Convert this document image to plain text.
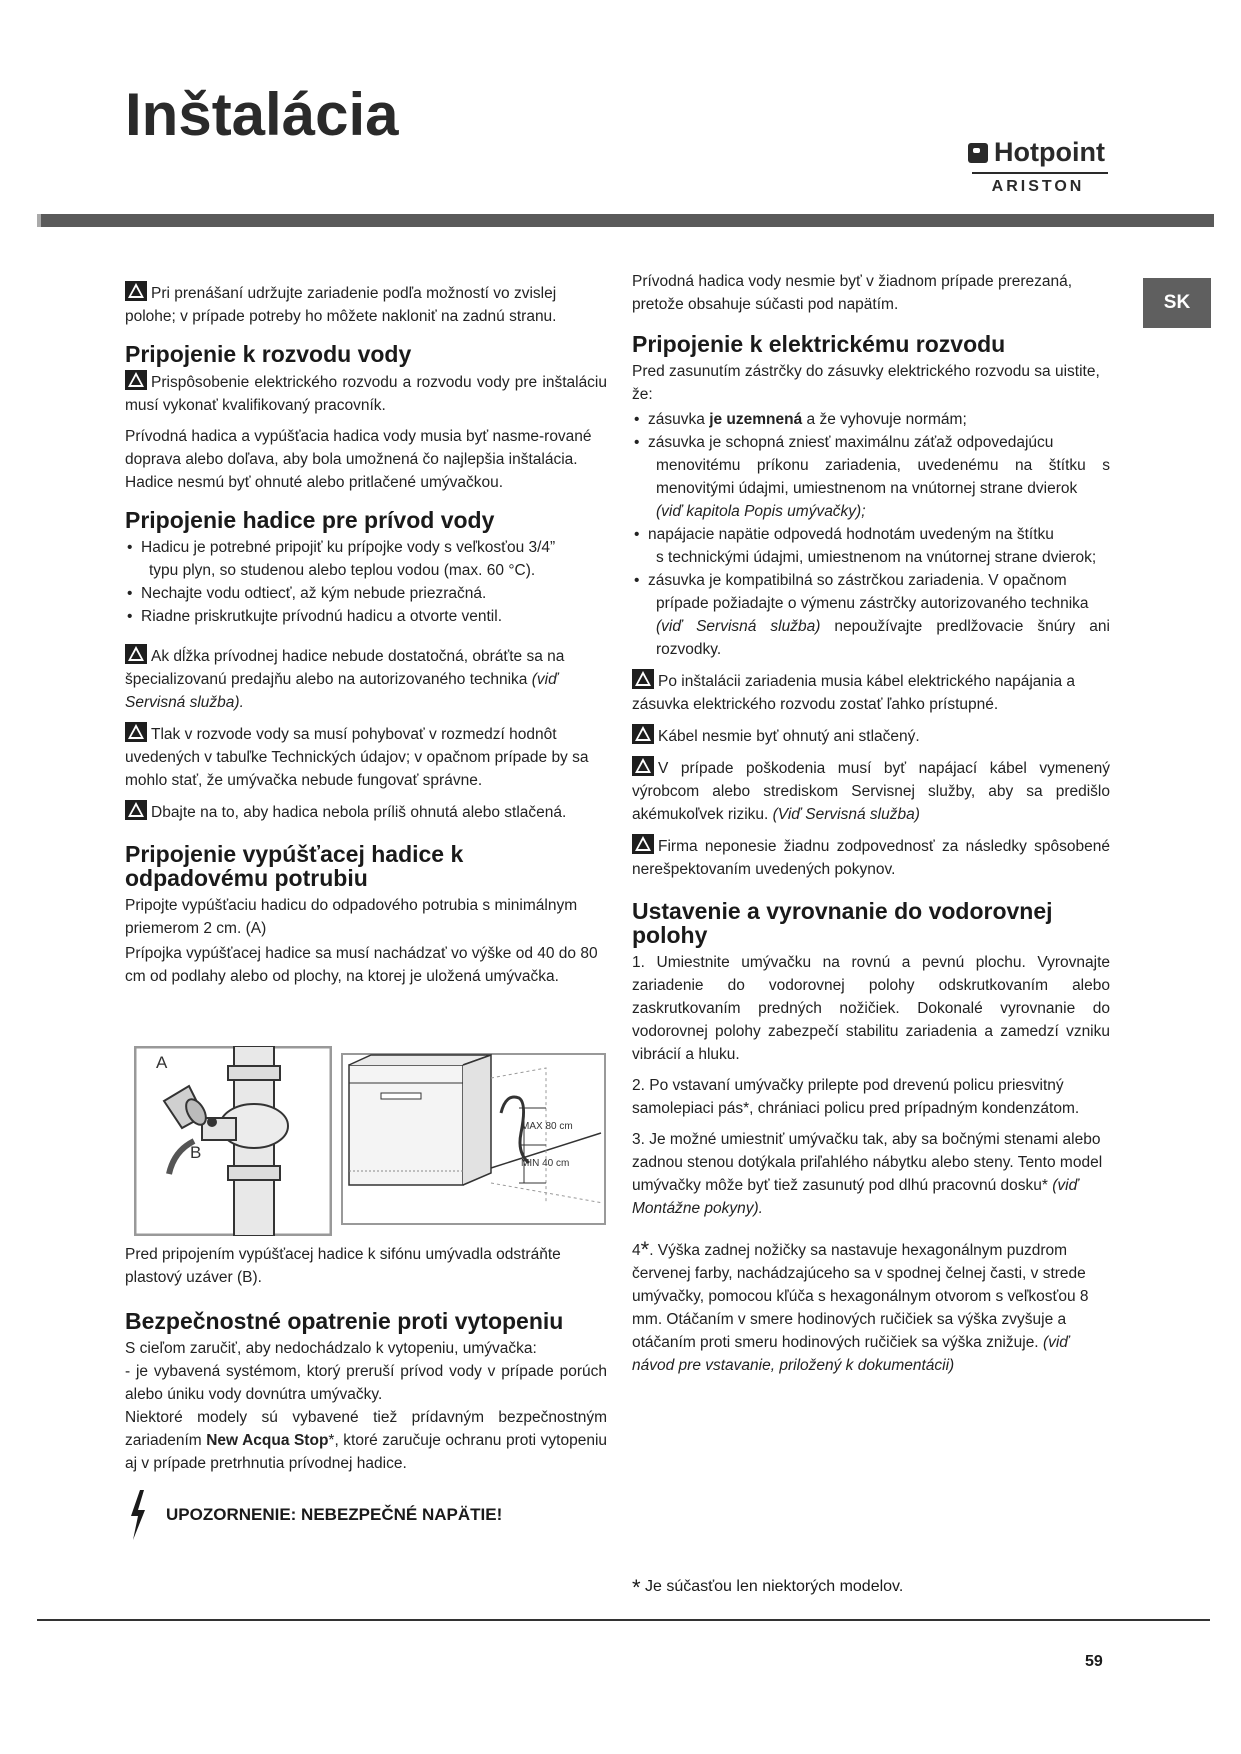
Inštalácia
Hotpoint
ARISTON
SK

Pri prenášaní udržujte zariadenie podľa možností vo zvislej polohe; v prípade potreby ho môžete nakloniť na zadnú stranu.

Pripojenie k rozvodu vody

Prispôsobenie elektrického rozvodu a rozvodu vody pre inštaláciu musí vykonať kvalifikovaný pracovník.

Prívodná hadica a vypúšťacia hadica vody musia byť nasme-rované doprava alebo doľava, aby bola umožnená čo najlepšia inštalácia.

Hadice nesmú byť ohnuté alebo pritlačené umývačkou.

Pripojenie hadice pre prívod vody
• Hadicu je potrebné pripojiť ku prípojke vody s veľkosťou 3/4”
typu plyn, so studenou alebo teplou vodou (max. 60 °C).
• Nechajte vodu odtiecť, až kým nebude priezračná.
• Riadne priskrutkujte prívodnú hadicu a otvorte ventil.

Ak dĺžka prívodnej hadice nebude dostatočná, obráťte sa na špecializovanú predajňu alebo na autorizovaného technika (viď Servisná služba).

Tlak v rozvode vody sa musí pohybovať v rozmedzí hodnôt uvedených v tabuľke Technických údajov; v opačnom prípade by sa mohlo stať, že umývačka nebude fungovať správne.

Dbajte na to, aby hadica nebola príliš ohnutá alebo stlačená.

Pripojenie vypúšťacej hadice k odpadovému potrubiu

Pripojte vypúšťaciu hadicu do odpadového potrubia s minimálnym priemerom 2 cm. (A)

Prípojka vypúšťacej hadice sa musí nachádzať vo výške od 40 do 80 cm od podlahy alebo od plochy, na ktorej je uložená umývačka.

A
B
MAX 80 cm
MIN 40 cm

Pred pripojením vypúšťacej hadice k sifónu umývadla odstráňte plastový uzáver (B).

Bezpečnostné opatrenie proti vytopeniu

S cieľom zaručiť, aby nedochádzalo k vytopeniu, umývačka:

- je vybavená systémom, ktorý preruší prívod vody v prípade porúch alebo úniku vody dovnútra umývačky.

Niektoré modely sú vybavené tiež prídavným bezpečnostným zariadením New Acqua Stop*, ktoré zaručuje ochranu proti vytopeniu aj v prípade pretrhnutia prívodnej hadice.

UPOZORNENIE: NEBEZPEČNÉ NAPÄTIE!

Prívodná hadica vody nesmie byť v žiadnom prípade prerezaná, pretože obsahuje súčasti pod napätím.

Pripojenie k elektrickému rozvodu

Pred zasunutím zástrčky do zásuvky elektrického rozvodu sa uistite, že:

• zásuvka je uzemnená a že vyhovuje normám;
• zásuvka je schopná zniesť maximálnu záťaž odpovedajúcu
menovitému príkonu zariadenia, uvedenému na štítku s menovitými údajmi, umiestnenom na vnútornej strane dvierok
(viď kapitola Popis umývačky);
• napájacie napätie odpovedá hodnotám uvedeným na štítku
s technickými údajmi, umiestnenom na vnútornej strane dvierok;
• zásuvka je kompatibilná so zástrčkou zariadenia. V opačnom
prípade požiadajte o výmenu zástrčky autorizovaného technika
(viď Servisná služba) nepoužívajte predlžovacie šnúry ani rozvodky.

Po inštalácii zariadenia musia kábel elektrického napájania a zásuvka elektrického rozvodu zostať ľahko prístupné.

Kábel nesmie byť ohnutý ani stlačený.

V prípade poškodenia musí byť napájací kábel vymenený výrobcom alebo strediskom Servisnej služby, aby sa predišlo akémukoľvek riziku. (Viď Servisná služba)

Firma neponesie žiadnu zodpovednosť za následky spôsobené nerešpektovaním uvedených pokynov.

Ustavenie a vyrovnanie do vodorovnej polohy

1. Umiestnite umývačku na rovnú a pevnú plochu. Vyrovnajte zariadenie do vodorovnej polohy odskrutkovaním alebo zaskrutkovaním predných nožičiek. Dokonalé vyrovnanie do vodorovnej polohy zabezpečí stabilitu zariadenia a zamedzí vzniku vibrácií a hluku.

2. Po vstavaní umývačky prilepte pod drevenú policu priesvitný samolepiaci pás*, chrániaci policu pred prípadným kondenzátom.

3. Je možné umiestniť umývačku tak, aby sa bočnými stenami alebo zadnou stenou dotýkala priľahlého nábytku alebo steny. Tento model umývačky môže byť tiež zasunutý pod dlhú pracovnú dosku* (viď Montážne pokyny).

4*. Výška zadnej nožičky sa nastavuje hexagonálnym puzdrom červenej farby, nachádzajúceho sa v spodnej čelnej časti, v strede umývačky, pomocou kľúča s hexagonálnym otvorom s veľkosťou 8 mm. Otáčaním v smere hodinových ručičiek sa výška zvyšuje a otáčaním proti smeru hodinových ručičiek sa výška znižuje. (viď návod pre vstavanie, priložený k dokumentácii)

* Je súčasťou len niektorých modelov.
59
